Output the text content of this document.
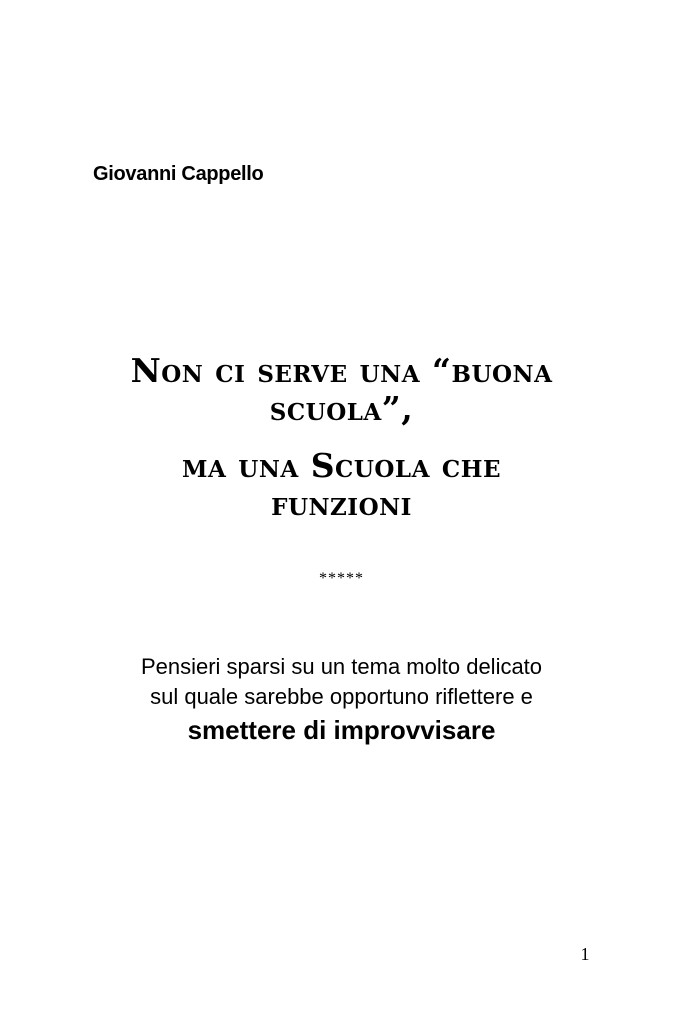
Giovanni Cappello
Non ci serve una “buona
scuola”,
ma una Scuola che
funzioni
*****
Pensieri sparsi su un tema molto delicato
sul quale sarebbe opportuno riflettere e
smettere di improvvisare
1
